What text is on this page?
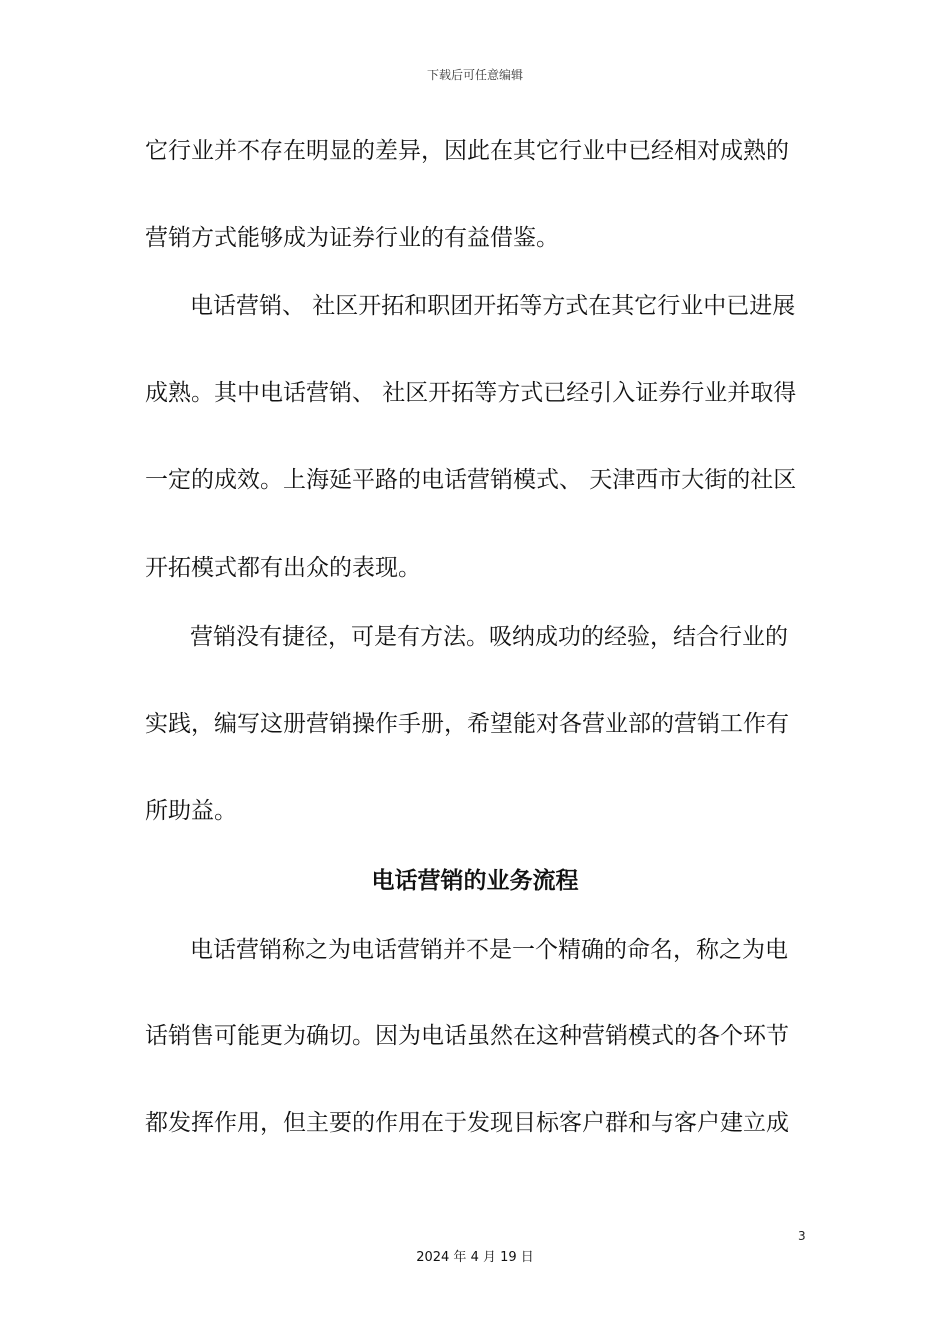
下载后可任意编辑
它行业并不存在明显的差异，因此在其它行业中已经相对成熟的
营销方式能够成为证券行业的有益借鉴。
电话营销、 社区开拓和职团开拓等方式在其它行业中已进展
成熟。其中电话营销、 社区开拓等方式已经引入证券行业并取得
一定的成效。上海延平路的电话营销模式、 天津西市大街的社区
开拓模式都有出众的表现。
营销没有捷径，可是有方法。吸纳成功的经验，结合行业的
实践，编写这册营销操作手册，希望能对各营业部的营销工作有
所助益。
电话营销的业务流程
电话营销称之为电话营销并不是一个精确的命名，称之为电
话销售可能更为确切。因为电话虽然在这种营销模式的各个环节
都发挥作用，但主要的作用在于发现目标客户群和与客户建立成
3
2024 年 4 月 19 日
